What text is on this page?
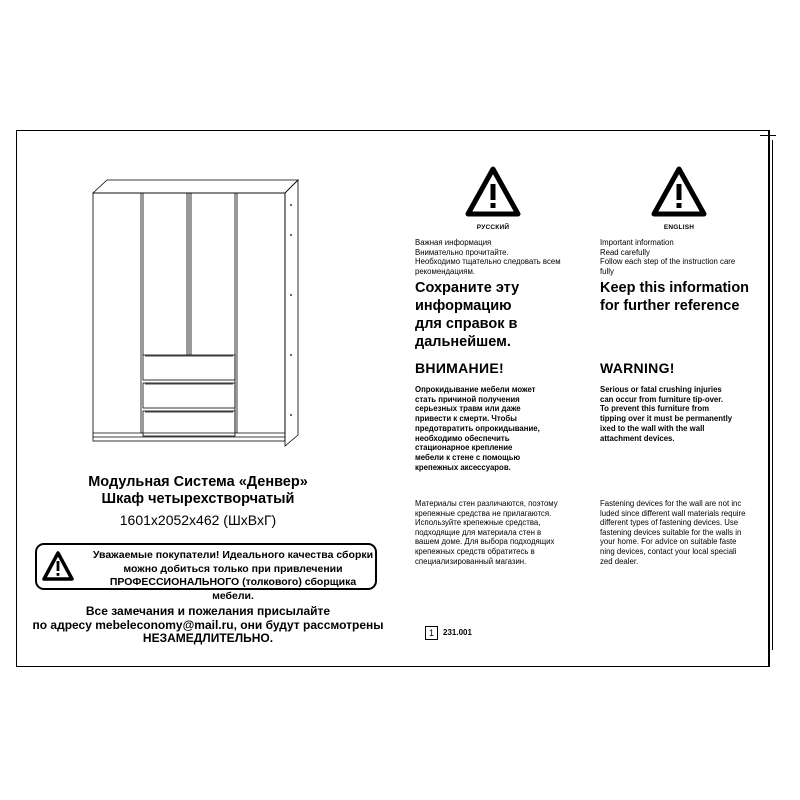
Модульная Система «Денвер»
Шкаф четырехстворчатый
1601x2052x462 (ШхВхГ)
Уважаемые покупатели! Идеального качества сборки
можно добиться только при привлечении
ПРОФЕССИОНАЛЬНОГО (толкового) сборщика мебели.
Все замечания и пожелания присылайте
по адресу mebeleconomy@mail.ru, они будут рассмотрены
НЕЗАМЕДЛИТЕЛЬНО.
РУССКИЙ
Важная информация
Внимательно прочитайте.
Необходимо тщательно следовать всем
рекомендациям.
Сохраните эту
информацию
для справок в
дальнейшем.
ВНИМАНИЕ!
Опрокидывание мебели может
стать причиной получения
серьезных травм или даже
привести к смерти. Чтобы
предотвратить опрокидывание,
необходимо обеспечить
стационарное крепление
мебели к стене с помощью
крепежных аксессуаров.
Материалы стен различаются, поэтому
крепежные средства не прилагаются.
Используйте крепежные средства,
подходящие для материала стен в
вашем доме. Для выбора подходящих
крепежных средств обратитесь в
специализированный магазин.
ENGLISH
Important information
Read carefully
Follow each step of the instruction care
fully
Keep this information
for further reference
WARNING!
Serious or fatal crushing injuries
can occur from furniture tip-over.
To prevent this furniture from
tipping over it must be permanently
ixed to the wall with the wall
attachment devices.
Fastening devices for the wall are not inc
luded since different wall materials require
different types of fastening devices. Use
fastening devices suitable for the walls in
your home. For advice on suitable faste
ning devices, contact your local speciali
zed dealer.
1	231.001
